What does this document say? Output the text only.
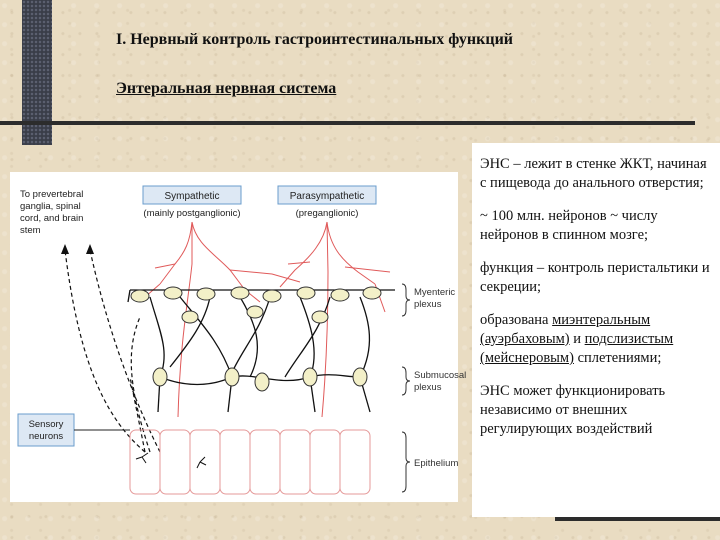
I. Нервный контроль гастроинтестинальных функций
Энтеральная нервная система
To prevertebral
ganglia, spinal
cord, and brain
stem
Sympathetic
(mainly postganglionic)
Parasympathetic
(preganglionic)
Myenteric
plexus
Submucosal
plexus
Epithelium
Sensory
neurons

ЭНС – лежит в стенке ЖКТ, начиная с пищевода до анального отверстия;

~ 100 млн. нейронов ~ числу нейронов в спинном мозге;

функция – контроль перистальтики и секреции;

образована миэнтеральным (ауэрбаховым) и подслизистым (мейснеровым) сплетениями;

ЭНС может функционировать независимо от внешних регулирующих воздействий
